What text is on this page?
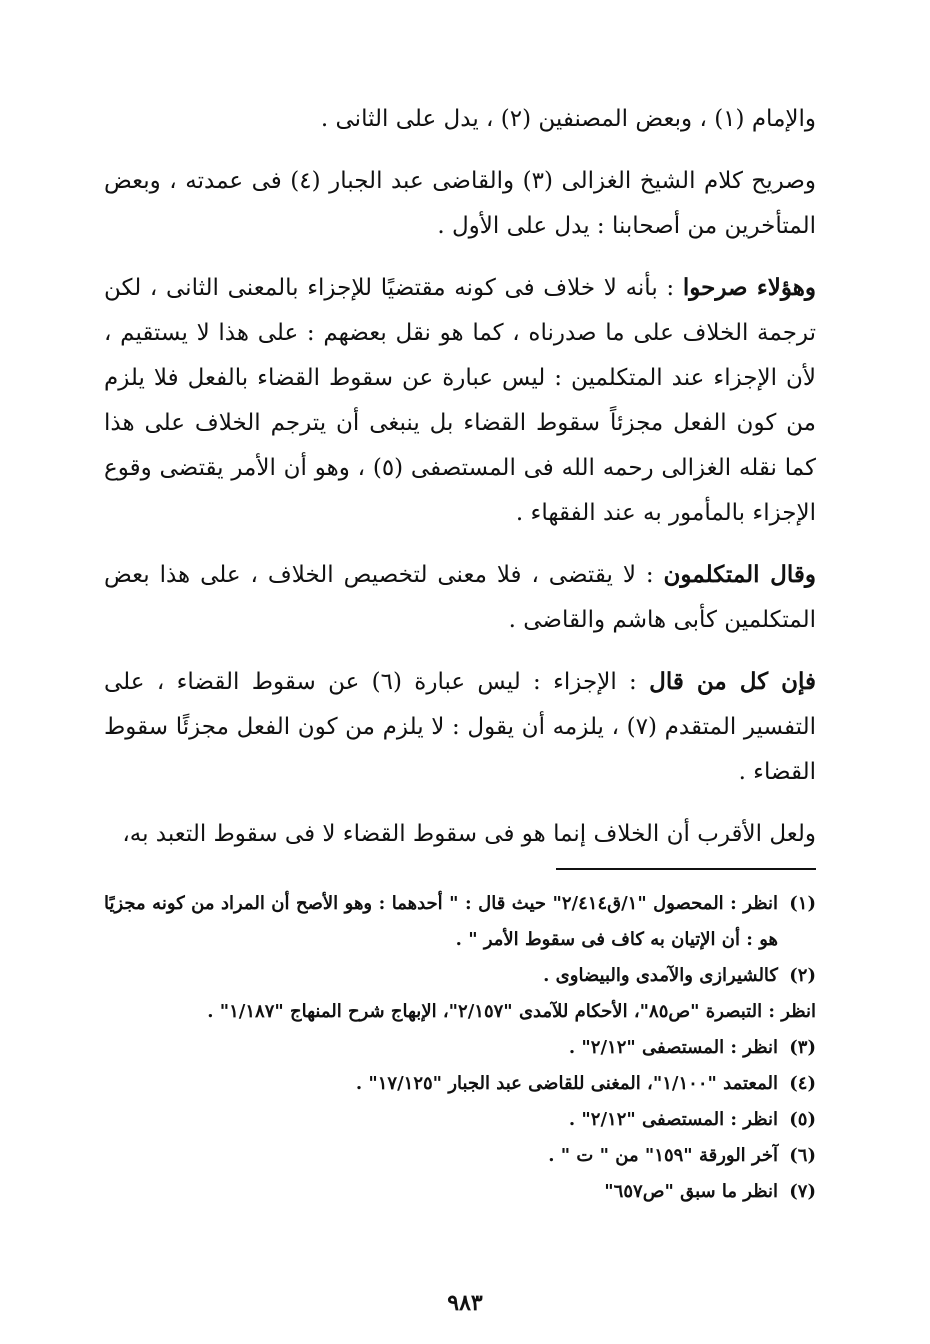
والإمام (١) ، وبعض المصنفين (٢) ، يدل على الثانى .

وصريح كلام الشيخ الغزالى (٣) والقاضى عبد الجبار (٤) فى عمدته ، وبعض المتأخرين من أصحابنا : يدل على الأول .

وهؤلاء صرحوا : بأنه لا خلاف فى كونه مقتضيًا للإجزاء بالمعنى الثانى ، لكن ترجمة الخلاف على ما صدرناه ، كما هو نقل بعضهم : على هذا لا يستقيم ، لأن الإجزاء عند المتكلمين : ليس عبارة عن سقوط القضاء بالفعل فلا يلزم من كون الفعل مجزئاً سقوط القضاء بل ينبغى أن يترجم الخلاف على هذا كما نقله الغزالى رحمه الله فى المستصفى (٥) ، وهو أن الأمر يقتضى وقوع الإجزاء بالمأمور به عند الفقهاء .

وقال المتكلمون : لا يقتضى ، فلا معنى لتخصيص الخلاف ، على هذا بعض المتكلمين كأبى هاشم والقاضى .

فإن كل من قال : الإجزاء : ليس عبارة (٦) عن سقوط القضاء ، على التفسير المتقدم (٧) ، يلزمه أن يقول : لا يلزم من كون الفعل مجزئًا سقوط القضاء .

ولعل الأقرب أن الخلاف إنما هو فى سقوط القضاء لا فى سقوط التعبد به،

(١)
انظر : المحصول "١/ق٢/٤١٤" حيث قال : " أحدهما : وهو الأصح أن المراد من كونه مجزيًا هو : أن الإتيان به كاف فى سقوط الأمر " .
(٢)
كالشيرازى والآمدى والبيضاوى .
انظر : التبصرة "ص٨٥"، الأحكام للآمدى "٢/١٥٧"، الإبهاج شرح المنهاج "١/١٨٧" .
(٣)
انظر : المستصفى "٢/١٢" .
(٤)
المعتمد "١/١٠٠"، المغنى للقاضى عبد الجبار "١٧/١٢٥" .
(٥)
انظر : المستصفى "٢/١٢" .
(٦)
آخر الورقة "١٥٩" من " ت " .
(٧)
انظر ما سبق "ص٦٥٧"
٩٨٣
